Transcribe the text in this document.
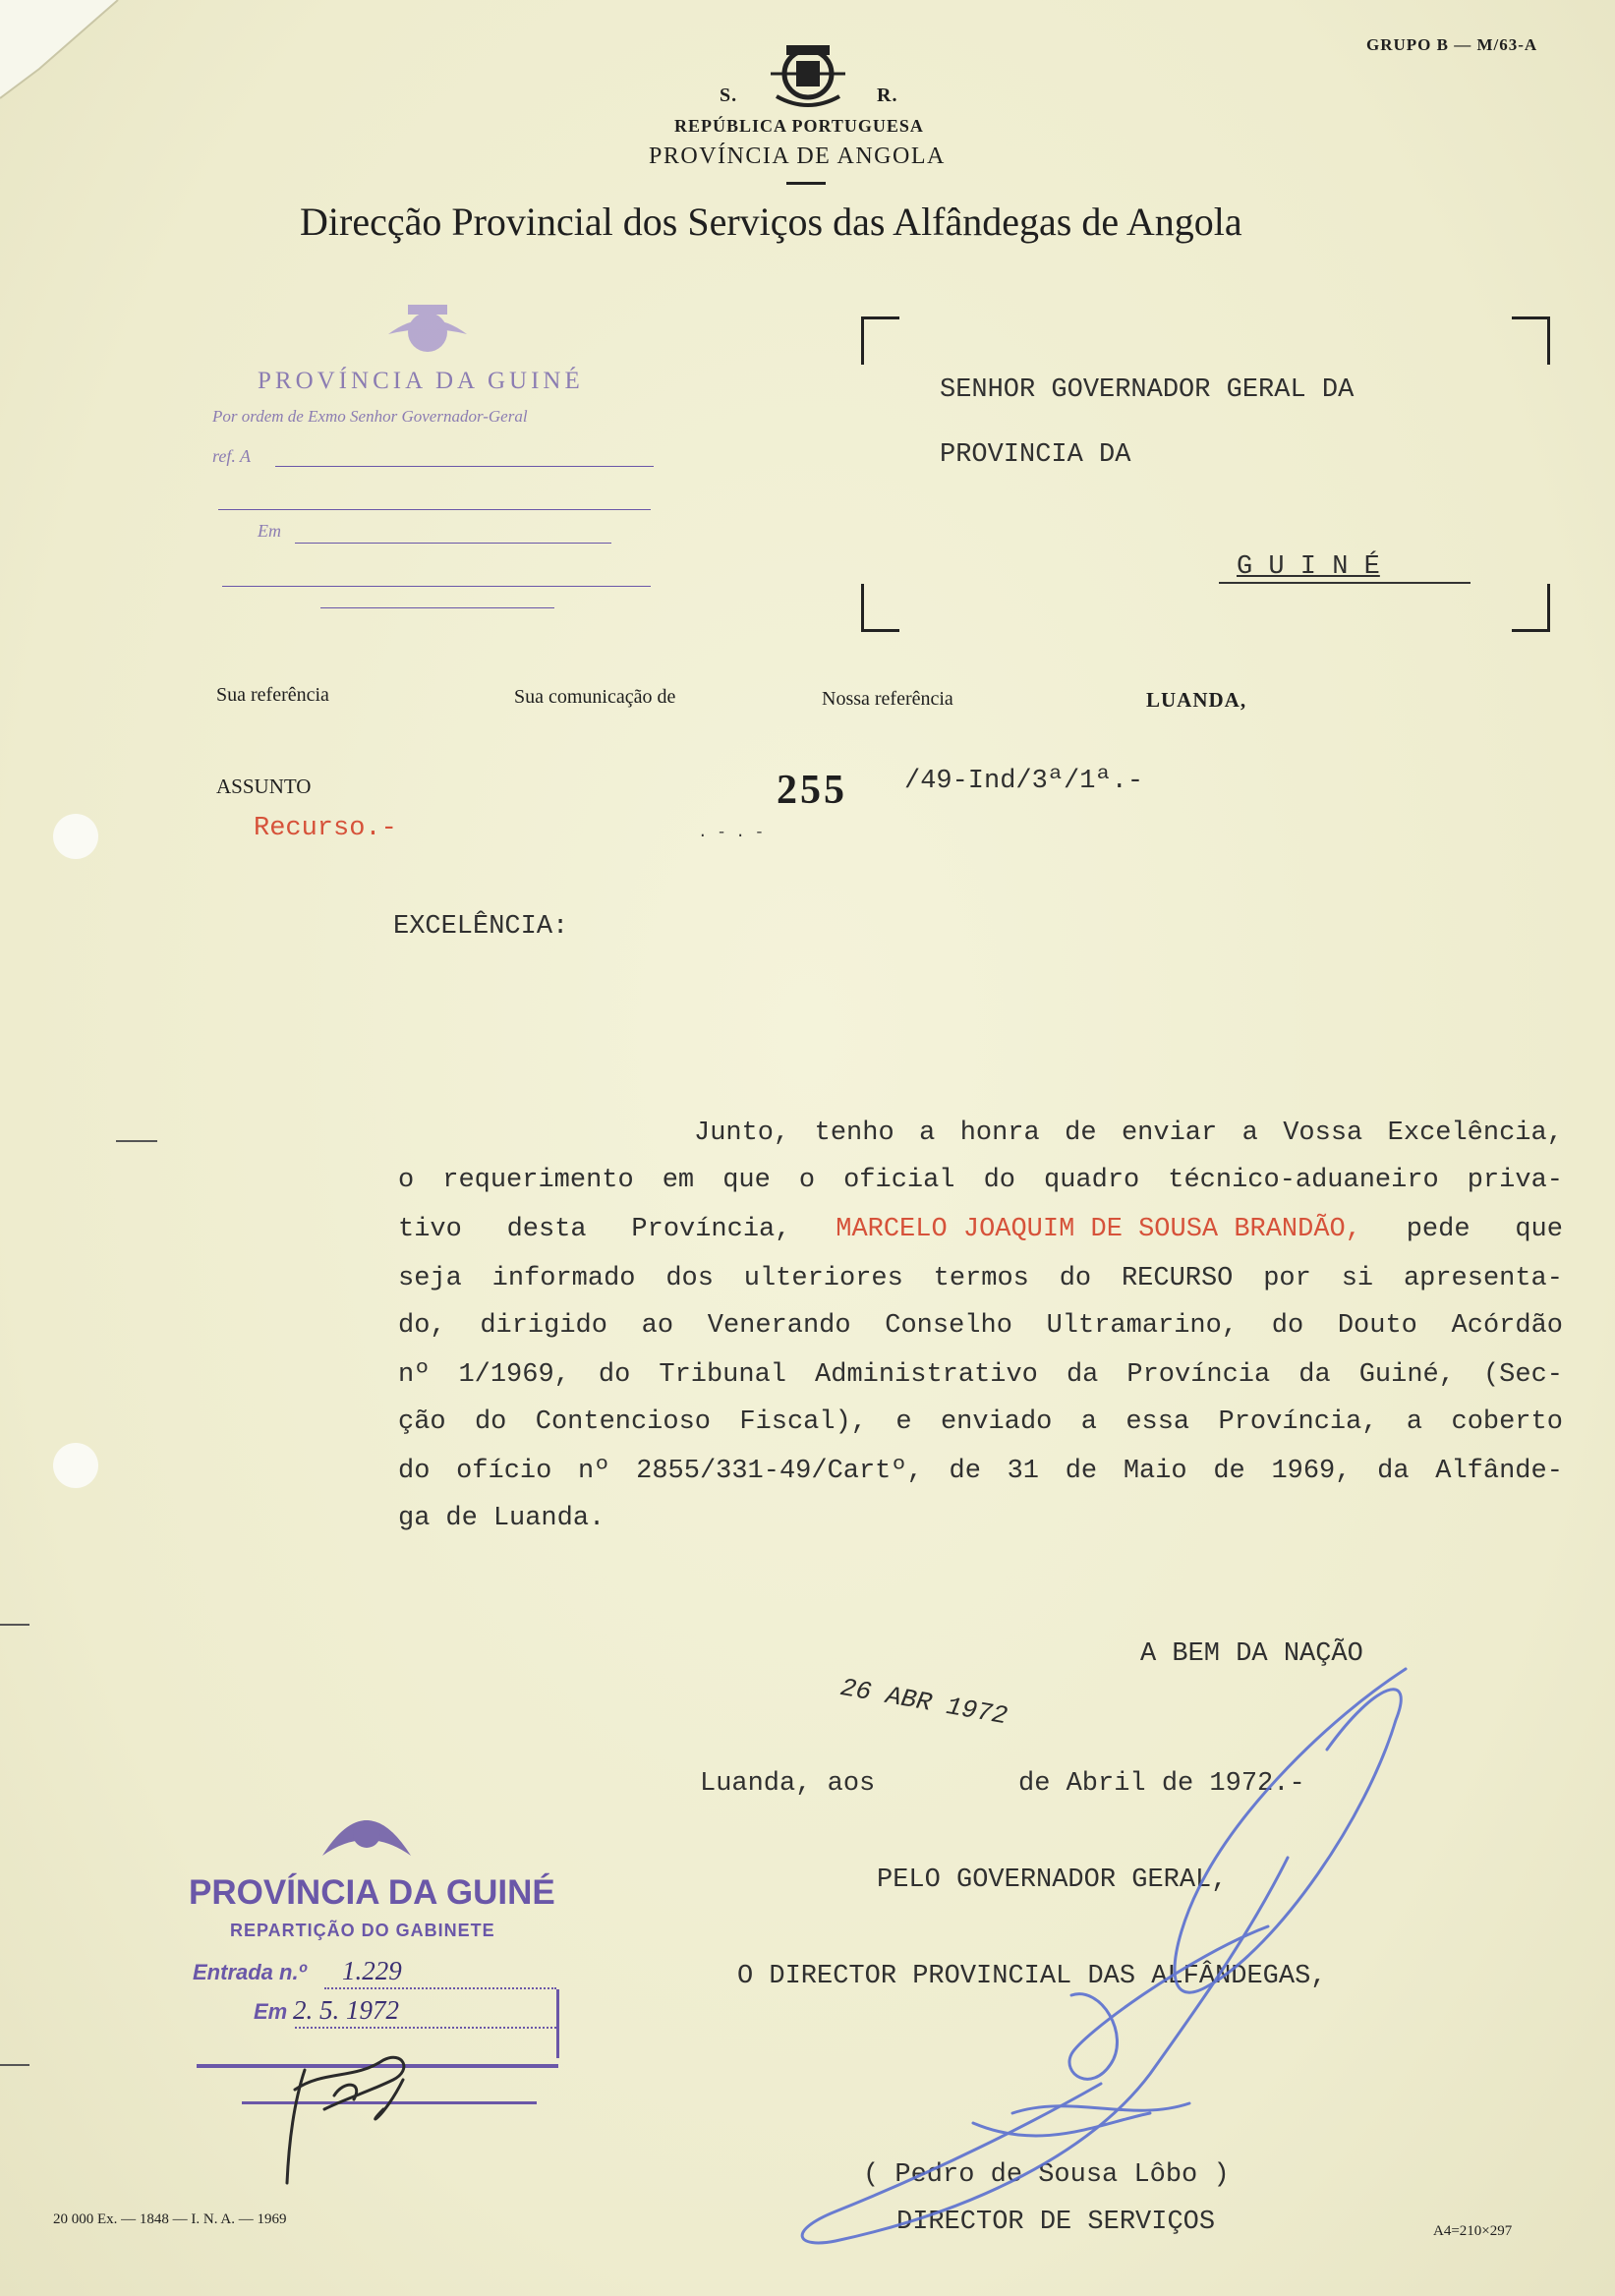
GRUPO B — M/63-A
S.	R.
REPÚBLICA PORTUGUESA
PROVÍNCIA DE ANGOLA
Direcção Provincial dos Serviços das Alfândegas de Angola
PROVÍNCIA DA GUINÉ
Por ordem de Exmo Senhor Governador-Geral
ref. A
Em
SENHOR GOVERNADOR GERAL DA
PROVINCIA DA
G U I N É
Sua referência	Sua comunicação de	Nossa referência	LUANDA,
255 /49-Ind/3ª/1ª.-
. - . -
ASSUNTO
Recurso.-
EXCELÊNCIA:
Junto, tenho a honra de enviar a Vossa Excelência,
o requerimento em que o oficial do quadro técnico-aduaneiro priva-
tivo desta Província, MARCELO JOAQUIM DE SOUSA BRANDÃO, pede que
seja informado dos ulteriores termos do RECURSO por si apresenta-
do, dirigido ao Venerando Conselho Ultramarino, do Douto Acórdão
nº 1/1969, do Tribunal Administrativo da Província da Guiné, (Sec-
ção do Contencioso Fiscal), e enviado a essa Província, a coberto
do ofício nº 2855/331-49/Cartº, de 31 de Maio de 1969, da Alfânde-
ga de Luanda.
A BEM DA NAÇÃO
26 ABR 1972
Luanda, aos	de Abril de 1972.-
PELO GOVERNADOR GERAL,
O DIRECTOR PROVINCIAL DAS ALFÂNDEGAS,
( Pedro de Sousa Lôbo )
DIRECTOR DE SERVIÇOS
PROVÍNCIA DA GUINÉ
REPARTIÇÃO DO GABINETE
Entrada n.º 1.229
Em 2. 5. 1972
20 000 Ex. — 1848 — I. N. A. — 1969
A4=210×297
